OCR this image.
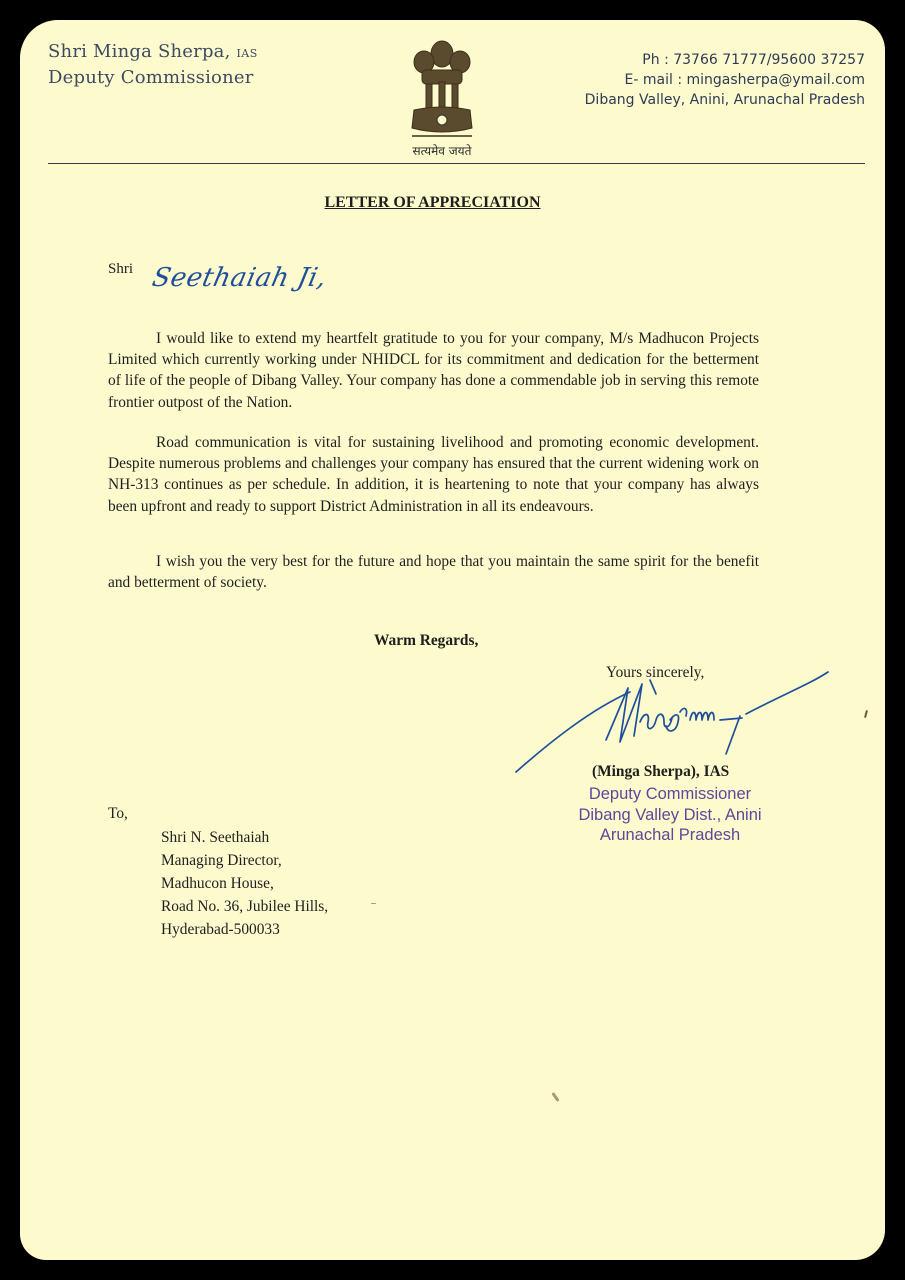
Shri Minga Sherpa, IAS
Deputy Commissioner
सत्यमेव जयते
Ph : 73766 71777/95600 37257
E- mail : mingasherpa@ymail.com
Dibang Valley, Anini, Arunachal Pradesh
LETTER OF APPRECIATION
Shri Seethaiah Ji,

I would like to extend my heartfelt gratitude to you for your company, M/s Madhucon Projects Limited which currently working under NHIDCL for its commitment and dedication for the betterment of life of the people of Dibang Valley. Your company has done a commendable job in serving this remote frontier outpost of the Nation.

Road communication is vital for sustaining livelihood and promoting economic development. Despite numerous problems and challenges your company has ensured that the current widening work on NH-313 continues as per schedule. In addition, it is heartening to note that your company has always been upfront and ready to support District Administration in all its endeavours.

I wish you the very best for the future and hope that you maintain the same spirit for the benefit and betterment of society.

Warm Regards,
Yours sincerely,
(Minga Sherpa), IAS
Deputy Commissioner
Dibang Valley Dist., Anini
Arunachal Pradesh
To,
Shri N. Seethaiah
Managing Director,
Madhucon House,
Road No. 36, Jubilee Hills,
Hyderabad-500033
